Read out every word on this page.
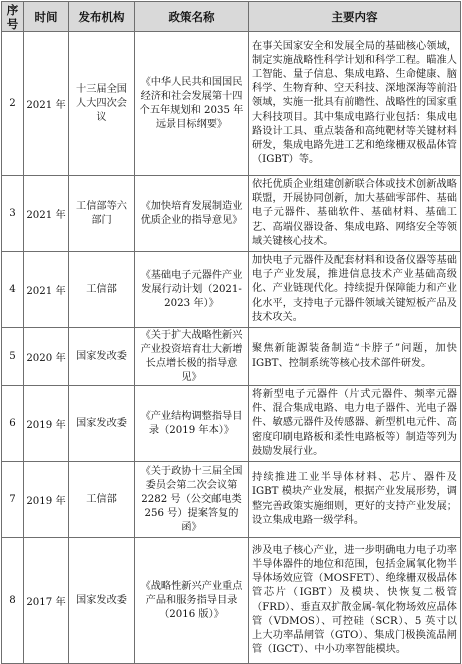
序号	时间	发布机构	政策名称	主要内容
2	2021 年	十三届全国人大四次会议	《中华人民共和国国民经济和社会发展第十四个五年规划和 2035 年远景目标纲要》	在事关国家安全和发展全局的基础核心领域，制定实施战略性科学计划和科学工程。瞄准人工智能、量子信息、集成电路、生命健康、脑科学、生物育种、空天科技、深地深海等前沿领域，实施一批具有前瞻性、战略性的国家重大科技项目。其中集成电路行业包括：集成电路设计工具、重点装备和高纯靶材等关键材料研发，集成电路先进工艺和绝缘栅双极晶体管（IGBT）等。
3	2021 年	工信部等六部门	《加快培育发展制造业优质企业的指导意见》	依托优质企业组建创新联合体或技术创新战略联盟，开展协同创新，加大基础零部件、基础电子元器件、基础软件、基础材料、基础工艺、高端仪器设备、集成电路、网络安全等领域关键核心技术。
4	2021 年	工信部	《基础电子元器件产业发展行动计划（2021-2023 年）》	加快电子元器件及配套材料和设备仪器等基础电子产业发展，推进信息技术产业基础高级化、产业链现代化。持续提升保障能力和产业化水平，支持电子元器件领域关键短板产品及技术攻关。
5	2020 年	国家发改委	《关于扩大战略性新兴产业投资培育壮大新增长点增长极的指导意见》	聚焦新能源装备制造“卡脖子”问题，加快 IGBT、控制系统等核心技术部件研发。
6	2019 年	国家发改委	《产业结构调整指导目录（2019 年本）》	将新型电子元器件（片式元器件、频率元器件、混合集成电路、电力电子器件、光电子器件、敏感元器件及传感器、新型机电元件、高密度印刷电路板和柔性电路板等）制造等列为鼓励发展行业。
7	2019 年	工信部	《关于政协十三届全国委员会第二次会议第2282 号（公交邮电类256 号）提案答复的函》	持续推进工业半导体材料、芯片、器件及 IGBT 模块产业发展，根据产业发展形势，调整完善政策实施细则，更好的支持产业发展；设立集成电路一级学科。
8	2017 年	国家发改委	《战略性新兴产业重点产品和服务指导目录（2016 版）》	涉及电子核心产业，进一步明确电力电子功率半导体器件的地位和范围，包括金属氧化物半导体场效应管（MOSFET）、绝缘栅双极晶体管芯片（IGBT）及模块、快恢复二极管（FRD）、垂直双扩散金属-氧化物场效应晶体管（VDMOS）、可控硅（SCR）、5 英寸以上大功率晶闸管（GTO）、集成门极换流晶闸管（IGCT）、中小功率智能模块。
